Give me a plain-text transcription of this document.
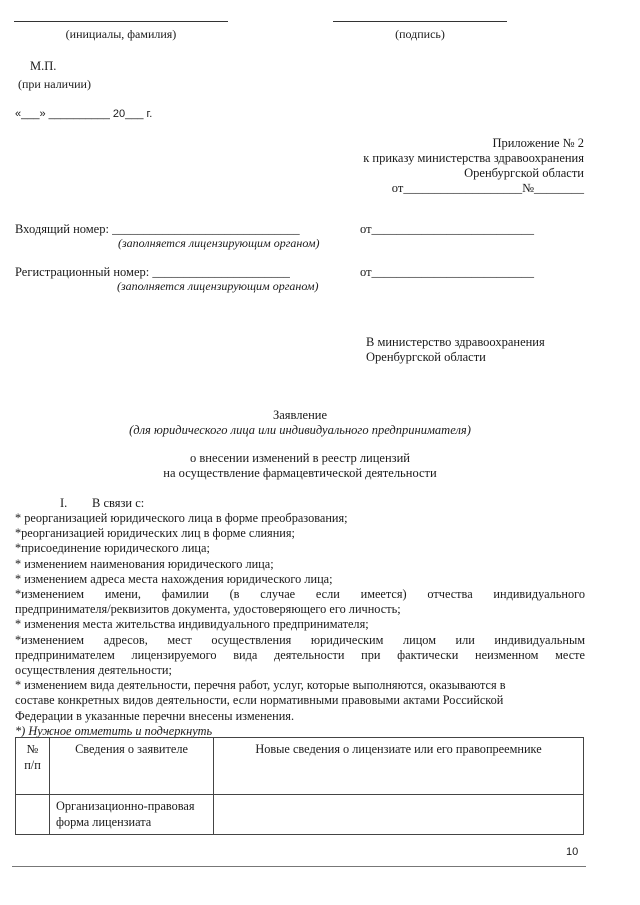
(инициалы, фамилия)	(подпись)
М.П.
(при наличии)
«___» __________ 20___ г.
Приложение № 2
к приказу министерства здравоохранения
Оренбургской области
от___________________№________
Входящий номер: ______________________________
(заполняется лицензирующим органом)
от__________________________
Регистрационный номер: ______________________
(заполняется лицензирующим органом)
от__________________________
В министерство здравоохранения
Оренбургской области
Заявление
(для юридического лица или индивидуального предпринимателя)
о внесении изменений в реестр лицензий
на осуществление фармацевтической деятельности
I. В связи с:
* реорганизацией юридического лица в форме преобразования;
*реорганизацией юридических лиц в форме слияния;
*присоединение юридического лица;
* изменением наименования юридического лица;
* изменением адреса места нахождения юридического лица;
*изменением имени, фамилии (в случае если имеется) отчества индивидуального
предпринимателя/реквизитов документа, удостоверяющего его личность;
* изменения места жительства индивидуального предпринимателя;
*изменением адресов, мест осуществления юридическим лицом или индивидуальным
предпринимателем лицензируемого вида деятельности при фактически неизменном месте
осуществления деятельности;
* изменением вида деятельности, перечня работ, услуг, которые выполняются, оказываются в
составе конкретных видов деятельности, если нормативными правовыми актами Российской
Федерации в указанные перечни внесены изменения.
*) Нужное отметить и подчеркнуть
№ п/п	Сведения о заявителе	Новые сведения о лицензиате или его правопреемнике
	Организационно-правовая форма лицензиата	
10
